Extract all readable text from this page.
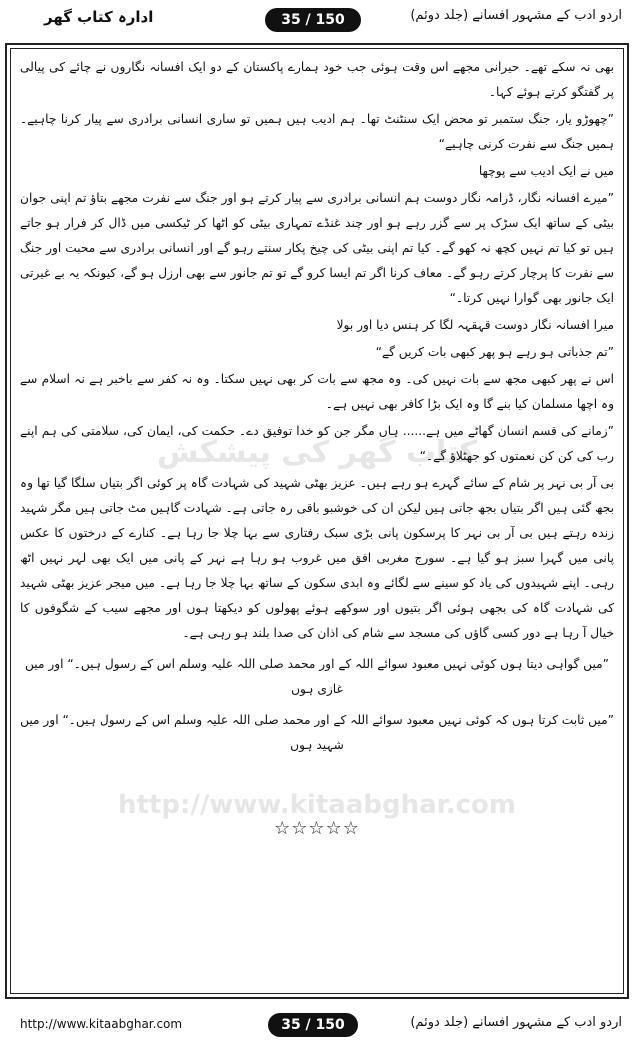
ادارہ کتاب گھر	35 / 150	اردو ادب کے مشہور افسانے (جلد دوئم)
کتاب گھر کی پیشکش
http://www.kitaabghar.com

بھی نہ سکے تھے۔ حیرانی مجھے اس وقت ہوئی جب خود ہمارے پاکستان کے دو ایک افسانہ نگاروں نے چائے کی پیالی پر گفتگو کرتے ہوئے کہا۔

”چھوڑو یار، جنگ ستمبر تو محض ایک سنٹنٹ تھا۔ ہم ادیب ہیں ہمیں تو ساری انسانی برادری سے پیار کرنا چاہیے۔ ہمیں جنگ سے نفرت کرنی چاہیے“

میں نے ایک ادیب سے پوچھا

”میرے افسانہ نگار، ڈرامہ نگار دوست ہم انسانی برادری سے پیار کرتے ہو اور جنگ سے نفرت مجھے بتاؤ تم اپنی جوان بیٹی کے ساتھ ایک سڑک پر سے گزر رہے ہو اور چند غنڈے تمہاری بیٹی کو اٹھا کر ٹیکسی میں ڈال کر فرار ہو جاتے ہیں تو کیا تم نہیں کچھ نہ کھو گے۔ کیا تم اپنی بیٹی کی چیخ پکار سنتے رہو گے اور انسانی برادری سے محبت اور جنگ سے نفرت کا پرچار کرتے رہو گے۔ معاف کرنا اگر تم ایسا کرو گے تو تم جانور سے بھی ارزل ہو گے، کیونکہ یہ بے غیرتی ایک جانور بھی گوارا نہیں کرتا۔“

میرا افسانہ نگار دوست قہقہہ لگا کر ہنس دیا اور بولا

”تم جذباتی ہو رہے ہو پھر کبھی بات کریں گے“

اس نے پھر کبھی مجھ سے بات نہیں کی۔ وہ مجھ سے بات کر بھی نہیں سکتا۔ وہ نہ کفر سے باخبر ہے نہ اسلام سے وہ اچھا مسلمان کیا بنے گا وہ ایک بڑا کافر بھی نہیں ہے۔

”زمانے کی قسم انسان گھاٹے میں ہے...... ہاں مگر جن کو خدا توفیق دے۔ حکمت کی، ایمان کی، سلامتی کی ہم اپنے رب کی کن کن نعمتوں کو جھٹلاؤ گے۔“

بی آر بی نہر پر شام کے سائے گہرے ہو رہے ہیں۔ عزیز بھٹی شہید کی شہادت گاہ پر کوئی اگر بتیاں سلگا گیا تھا وہ بجھ گئی ہیں اگر بتیاں بجھ جاتی ہیں لیکن ان کی خوشبو باقی رہ جاتی ہے۔ شہادت گاہیں مٹ جاتی ہیں مگر شہید زندہ رہتے ہیں بی آر بی نہر کا پرسکون پانی بڑی سبک رفتاری سے بہا چلا جا رہا ہے۔ کنارے کے درختوں کا عکس پانی میں گہرا سبز ہو گیا ہے۔ سورج مغربی افق میں غروب ہو رہا ہے نہر کے پانی میں ایک بھی لہر نہیں اٹھ رہی۔ اپنے شہیدوں کی یاد کو سینے سے لگائے وہ ابدی سکون کے ساتھ بہا چلا جا رہا ہے۔ میں میجر عزیز بھٹی شہید کی شہادت گاہ کی بجھی ہوئی اگر بتیوں اور سوکھے ہوئے پھولوں کو دیکھتا ہوں اور مجھے سیب کے شگوفوں کا خیال آ رہا ہے دور کسی گاؤں کی مسجد سے شام کی اذان کی صدا بلند ہو رہی ہے۔

”میں گواہی دیتا ہوں کوئی نہیں معبود سوائے اللہ کے اور محمد صلی اللہ علیہ وسلم اس کے رسول ہیں۔“ اور میں غازی ہوں

”میں ثابت کرتا ہوں کہ کوئی نہیں معبود سوائے اللہ کے اور محمد صلی اللہ علیہ وسلم اس کے رسول ہیں۔“ اور میں شہید ہوں

☆☆☆☆☆
http://www.kitaabghar.com	35 / 150	اردو ادب کے مشہور افسانے (جلد دوئم)
